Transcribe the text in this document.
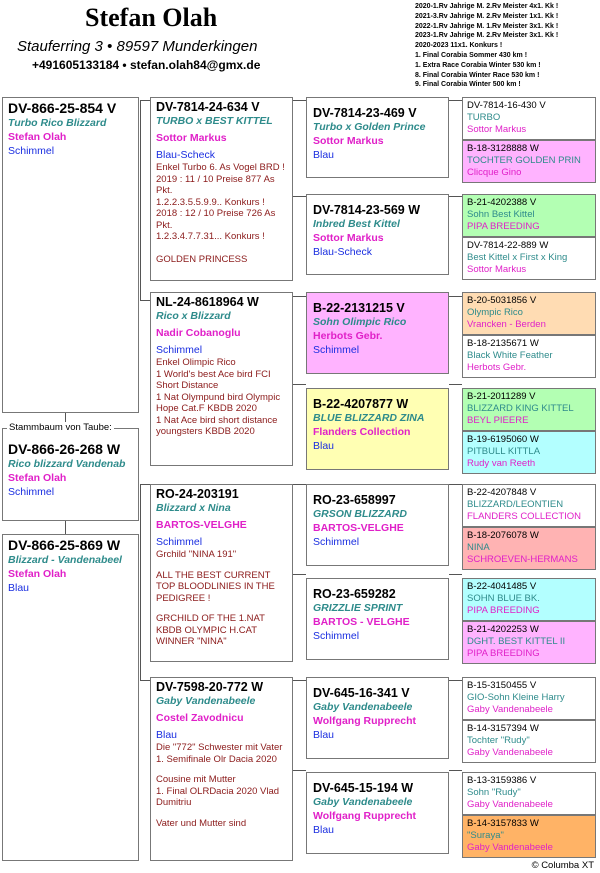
Stefan Olah
Stauferring 3 • 89597 Munderkingen
+491605133184 • stefan.olah84@gmx.de
2020-1.Rv Jahrige M. 2.Rv Meister 4x1. Kk !
2021-3.Rv Jahrige M. 2.Rv Meister 1x1. Kk !
2022-1.Rv Jahrige M. 1.Rv Meister 3x1. Kk !
2023-1.Rv Jahrige M. 2.Rv Meister 3x1. Kk !
2020-2023 11x1. Konkurs !
1. Final Corabia Sommer 430 km !
1. Extra Race Corabia Winter 530 km !
8. Final Corabia Winter Race 530 km !
9. Final Corabia Winter 500 km !
DV-866-25-854 V
Turbo Rico Blizzard
Stefan Olah
Schimmel
Stammbaum von Taube:
DV-866-26-268 W
Rico blizzard Vandenab
Stefan Olah
Schimmel
DV-866-25-869 W
Blizzard - Vandenabeel
Stefan Olah
Blau
DV-7814-24-634 V
TURBO x BEST KITTEL
Sottor Markus
Blau-Scheck

Enkel Turbo 6. As Vogel BRD !

2019 : 11 / 10 Preise 877 As Pkt.

1.2.2.3.5.5.9.9.. Konkurs !

2018 : 12 / 10 Preise 726 As Pkt.

1.2.3.4.7.7.31... Konkurs !

GOLDEN PRINCESS

NL-24-8618964 W
Rico x Blizzard
Nadir Cobanoglu
Schimmel

Enkel Olimpic Rico

1 World's best Ace bird FCI Short Distance

1 Nat Olympund bird Olympic Hope Cat.F KBDB 2020

1 Nat Ace bird short distance youngsters KBDB 2020

RO-24-203191
Blizzard x Nina
BARTOS-VELGHE
Schimmel

Grchild "NINA 191"

ALL THE BEST CURRENT TOP BLOODLINIES IN THE PEDIGREE !

GRCHILD OF THE 1.NAT KBDB OLYMPIC H.CAT WINNER "NINA"

DV-7598-20-772 W
Gaby Vandenabeele
Costel Zavodnicu
Blau

Die "772" Schwester mit Vater

1. Semifinale Olr Dacia 2020

Cousine mit Mutter

1. Final OLRDacia 2020 Vlad Dumitriu

Vater und Mutter sind

DV-7814-23-469 V
Turbo x Golden Prince
Sottor Markus
Blau
DV-7814-23-569 W
Inbred Best Kittel
Sottor Markus
Blau-Scheck
B-22-2131215 V
Sohn Olimpic Rico
Herbots Gebr.
Schimmel
B-22-4207877 W
BLUE BLIZZARD ZINA
Flanders Collection
Blau
RO-23-658997
GRSON BLIZZARD
BARTOS-VELGHE
Schimmel
RO-23-659282
GRIZZLIE SPRINT
BARTOS - VELGHE
Schimmel
DV-645-16-341 V
Gaby Vandenabeele
Wolfgang Rupprecht
Blau
DV-645-15-194 W
Gaby Vandenabeele
Wolfgang Rupprecht
Blau
DV-7814-16-430 V
TURBO
Sottor Markus
B-18-3128888 W
TOCHTER GOLDEN PRIN
Clicque Gino
B-21-4202388 V
Sohn Best Kittel
PIPA BREEDING
DV-7814-22-889 W
Best Kittel x First x King
Sottor Markus
B-20-5031856 V
Olympic Rico
Vrancken - Berden
B-18-2135671 W
Black White Feather
Herbots Gebr.
B-21-2011289 V
BLIZZARD KING KITTEL
BEYL PIEERE
B-19-6195060 W
PITBULL KITTLA
Rudy van Reeth
B-22-4207848 V
BLIZZARD/LEONTIEN
FLANDERS COLLECTION
B-18-2076078 W
NINA
SCHROEVEN-HERMANS
B-22-4041485 V
SOHN BLUE BK.
PIPA BREEDING
B-21-4202253 W
DGHT. BEST KITTEL II
PIPA BREEDING
B-15-3150455 V
GIO-Sohn Kleine Harry
Gaby Vandenabeele
B-14-3157394 W
Tochter "Rudy"
Gaby Vandenabeele
B-13-3159386 V
Sohn "Rudy"
Gaby Vandenabeele
B-14-3157833 W
"Suraya"
Gaby Vandenabeele
© Columba XT
